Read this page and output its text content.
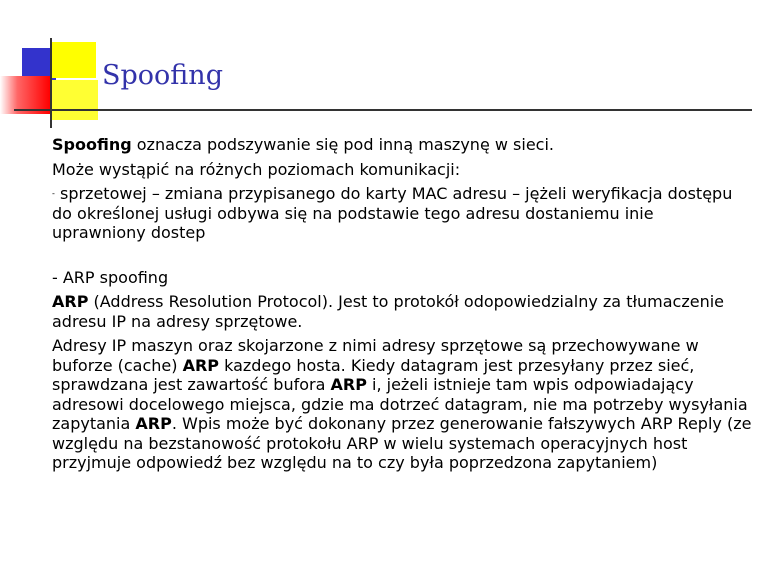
Spoofing

Spoofing oznacza podszywanie się pod inną maszynę w sieci.

Może wystąpić na różnych poziomach komunikacji:

- sprzetowej – zmiana przypisanego do karty MAC adresu – jężeli weryfikacja dostępu do określonej usługi odbywa się na podstawie tego adresu dostaniemu inie uprawniony dostep

- ARP spoofing

ARP (Address Resolution Protocol). Jest to protokół odopowiedzialny za tłumaczenie adresu IP na adresy sprzętowe.

Adresy IP maszyn oraz skojarzone z nimi adresy sprzętowe są przechowywane w buforze (cache) ARP kazdego hosta. Kiedy datagram jest przesyłany przez sieć, sprawdzana jest zawartość bufora ARP i, jeżeli istnieje tam wpis odpowiadający adresowi docelowego miejsca, gdzie ma dotrzeć datagram, nie ma potrzeby wysyłania zapytania ARP. Wpis może być dokonany przez generowanie fałszywych ARP Reply (ze względu na bezstanowość protokołu ARP w wielu systemach operacyjnych host przyjmuje odpowiedź bez względu na to czy była poprzedzona zapytaniem)
